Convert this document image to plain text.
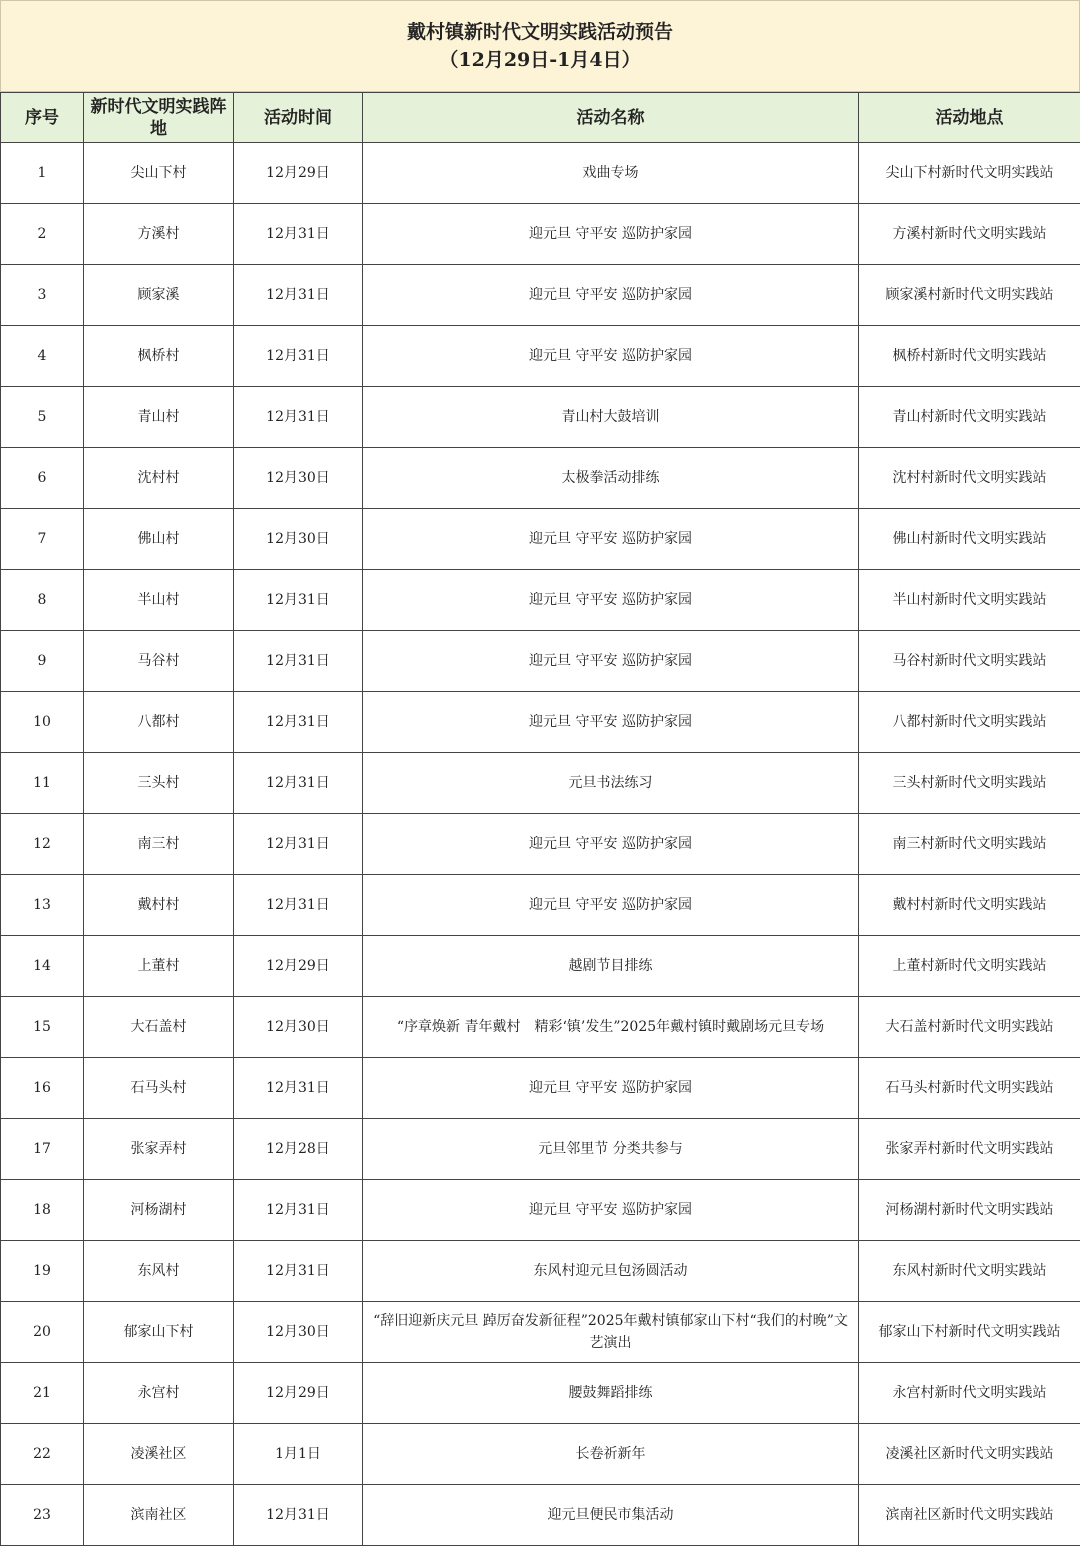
戴村镇新时代文明实践活动预告
（12月29日-1月4日）
序号	新时代文明实践阵地	活动时间	活动名称	活动地点
1	尖山下村	12月29日	戏曲专场	尖山下村新时代文明实践站
2	方溪村	12月31日	迎元旦 守平安 巡防护家园	方溪村新时代文明实践站
3	顾家溪	12月31日	迎元旦 守平安 巡防护家园	顾家溪村新时代文明实践站
4	枫桥村	12月31日	迎元旦 守平安 巡防护家园	枫桥村新时代文明实践站
5	青山村	12月31日	青山村大鼓培训	青山村新时代文明实践站
6	沈村村	12月30日	太极拳活动排练	沈村村新时代文明实践站
7	佛山村	12月30日	迎元旦 守平安 巡防护家园	佛山村新时代文明实践站
8	半山村	12月31日	迎元旦 守平安 巡防护家园	半山村新时代文明实践站
9	马谷村	12月31日	迎元旦 守平安 巡防护家园	马谷村新时代文明实践站
10	八都村	12月31日	迎元旦 守平安 巡防护家园	八都村新时代文明实践站
11	三头村	12月31日	元旦书法练习	三头村新时代文明实践站
12	南三村	12月31日	迎元旦 守平安 巡防护家园	南三村新时代文明实践站
13	戴村村	12月31日	迎元旦 守平安 巡防护家园	戴村村新时代文明实践站
14	上董村	12月29日	越剧节目排练	上董村新时代文明实践站
15	大石盖村	12月30日	“序章焕新 青年戴村　精彩‘镇’发生”2025年戴村镇时戴剧场元旦专场	大石盖村新时代文明实践站
16	石马头村	12月31日	迎元旦 守平安 巡防护家园	石马头村新时代文明实践站
17	张家弄村	12月28日	元旦邻里节 分类共参与	张家弄村新时代文明实践站
18	河杨湖村	12月31日	迎元旦 守平安 巡防护家园	河杨湖村新时代文明实践站
19	东风村	12月31日	东风村迎元旦包汤圆活动	东风村新时代文明实践站
20	郁家山下村	12月30日	“辞旧迎新庆元旦 踔厉奋发新征程”2025年戴村镇郁家山下村“我们的村晚”文艺演出	郁家山下村新时代文明实践站
21	永宫村	12月29日	腰鼓舞蹈排练	永宫村新时代文明实践站
22	凌溪社区	1月1日	长卷祈新年	凌溪社区新时代文明实践站
23	滨南社区	12月31日	迎元旦便民市集活动	滨南社区新时代文明实践站
